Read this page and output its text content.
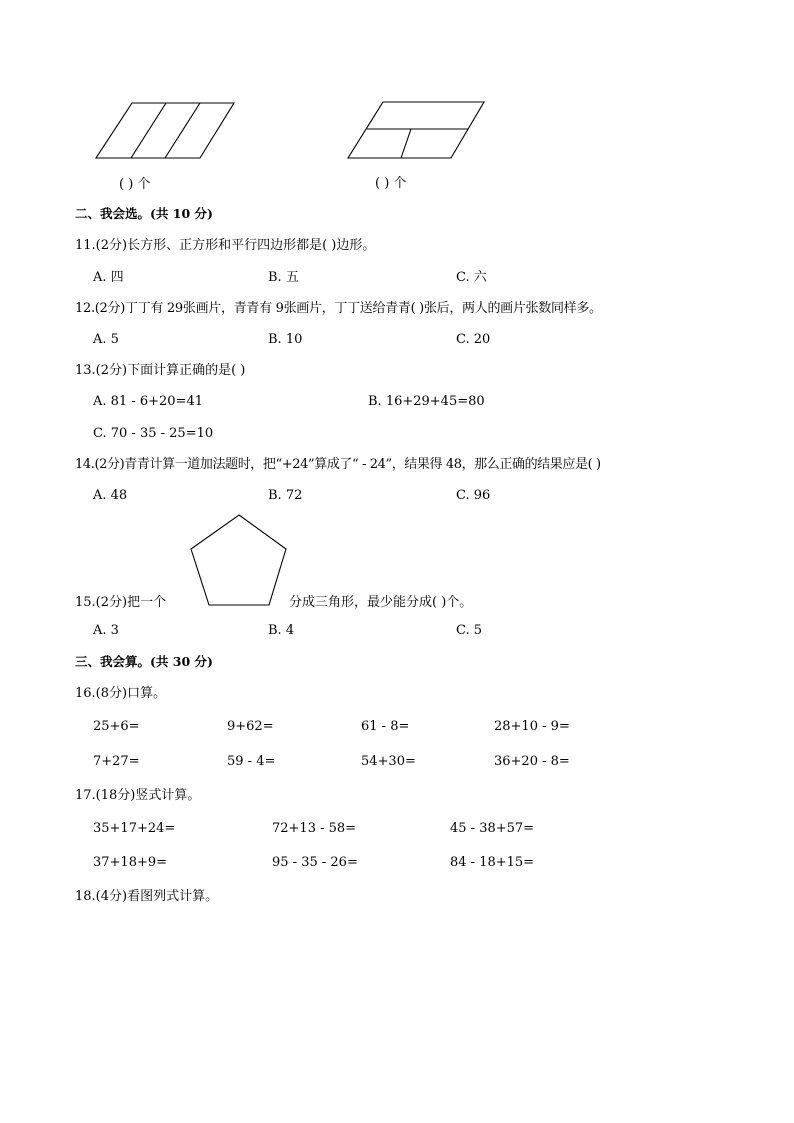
( ) 个	( ) 个
二、我会选。(共 10 分)
11.(2分)长方形、正方形和平行四边形都是( )边形。
A. 四	B. 五	C. 六
12.(2分)丁丁有 29张画片，青青有 9张画片，丁丁送给青青( )张后，两人的画片张数同样多。
A. 5	B. 10	C. 20
13.(2分)下面计算正确的是( )
A. 81 - 6+20=41	B. 16+29+45=80
C. 70 - 35 - 25=10
14.(2分)青青计算一道加法题时，把“+24”算成了“ - 24”，结果得 48，那么正确的结果应是( )
A. 48	B. 72	C. 96
15.(2分)把一个	分成三角形，最少能分成( )个。
A. 3	B. 4	C. 5
三、我会算。(共 30 分)
16.(8分)口算。
25+6=	9+62=	61 - 8=	28+10 - 9=
7+27=	59 - 4=	54+30=	36+20 - 8=
17.(18分)竖式计算。
35+17+24=	72+13 - 58=	45 - 38+57=
37+18+9=	95 - 35 - 26=	84 - 18+15=
18.(4分)看图列式计算。
